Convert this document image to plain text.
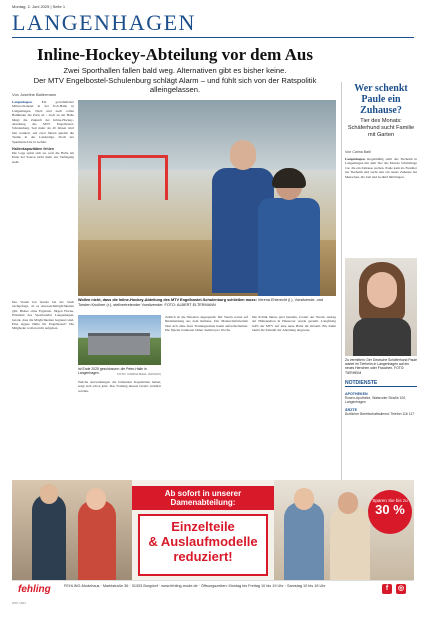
Montag, 2. Juni 2025 | Seite 1
LANGENHAGEN
Inline-Hockey-Abteilung vor dem Aus
Zwei Sporthallen fallen bald weg. Alternativen gibt es bisher keine.
Der MTV Engelbostel-Schulenburg schlägt Alarm – und fühlt sich von der Ratspolitik alleingelassen.
Von Josefine Ballermann
Langenhagen.	Ein gewöhnlicher Mittwochabend in der IGS-Halle in Langenhagen. Nach und nach rollen Ballkinder die Puck an – doch an der Halle hängt die Zukunft der Inline-Hockey-Abteilung des MTV Engelbostel-Schulenburg. Seit mehr als 20 Jahren wird hier trainiert, seit zwei Jahren spielen die Teams in der Landesliga. Doch der Spielbetrieb ist in Gefahr.
Hallenkapazitäten fehlen
Die Lage spitzt sich zu, weil die Halle am Ende der Saison nicht mehr zur Verfügung steht.
Wollen nicht, dass die Inline-Hockey-Abteilung des MTV Engelbostel-Schulenburg schließen muss: Verena Ehlerecht (l.), Vorsitzende, und Torsten Knollner (r.), stellvertretender Vorsitzender. FOTO: ALBERT ELTERMANN
Der Verein hat bereits bei der Stadt nachgefragt, ob es Ausweichmöglichkeiten gibt. Bisher ohne Ergebnis. Jürgen Hocke, Präsident des Sportbundes Langenhagen, betont, dass die Möglichkeiten begrenzt sind. Eine eigene Halle für Engelbostel? Die Mitglieder wollen nicht aufgeben.
Ist Ende 2025 geschlossen: die Peter-Halle in Langenhagen.	FOTO: CARINA BAHL (ARCHIV)
Welche Auswirkungen die fehlenden Kapazitäten haben, zeigt sich schon jetzt: Das Training musste bereits verkürzt werden.
Zeitlich ist die Situation angespannt: Der Verein wartet auf Rückmeldung aus dem Rathaus. Der Mannschaftsbetrieb lässt sich ohne feste Trainingszeiten kaum aufrechterhalten. Die Spieler trainieren bisher dreimal pro Woche.
Die Politik müsse jetzt handeln, fordert der Verein. Antrag auf Hallenzeiten in Hannover wurde gestellt. Langfristig hofft der MTV auf eine neue Halle im Ortsteil. Bis dahin bleibt die Zukunft der Abteilung ungewiss.
Wer schenkt Paule ein Zuhause?
Tier des Monats: Schäferhund sucht Familie mit Garten
Von Carina Bahl
Langenhagen. Regelmäßig stellt das Tierheim in Langenhagen mit dem Tier des Monats Schützlinge vor, die ein Zuhause suchen. Paule kam als Fundtier ins Tierheim und sucht nun ein neues Zuhause bei Menschen, die Zeit und Geduld mitbringen.
Zu vermitteln: Der Deutsche Schäferhund Paule wartet im Tierheim in Langenhagen auf ein neues Herrchen oder Frauchen. FOTO: TIERHEIM
NOTDIENSTE
APOTHEKEN
Rosen-Apotheke, Walsroder Straße 100, Langenhagen
ÄRZTE
Ärztlicher Bereitschaftsdienst: Telefon 116 117
Ab sofort in unserer Damenabteilung:
Einzelteile
& Auslaufmodelle
reduziert!
Sparen Sie bis zu
30 %
fehling	FEHLING-Modehaus · Marktstraße 36 · 31303 Burgdorf · www.fehling-mode.de · Öffnungszeiten: Montag bis Freitag 10 bis 19 Uhr · Samstag 10 bis 18 Uhr	f	◎
RNK 1804
